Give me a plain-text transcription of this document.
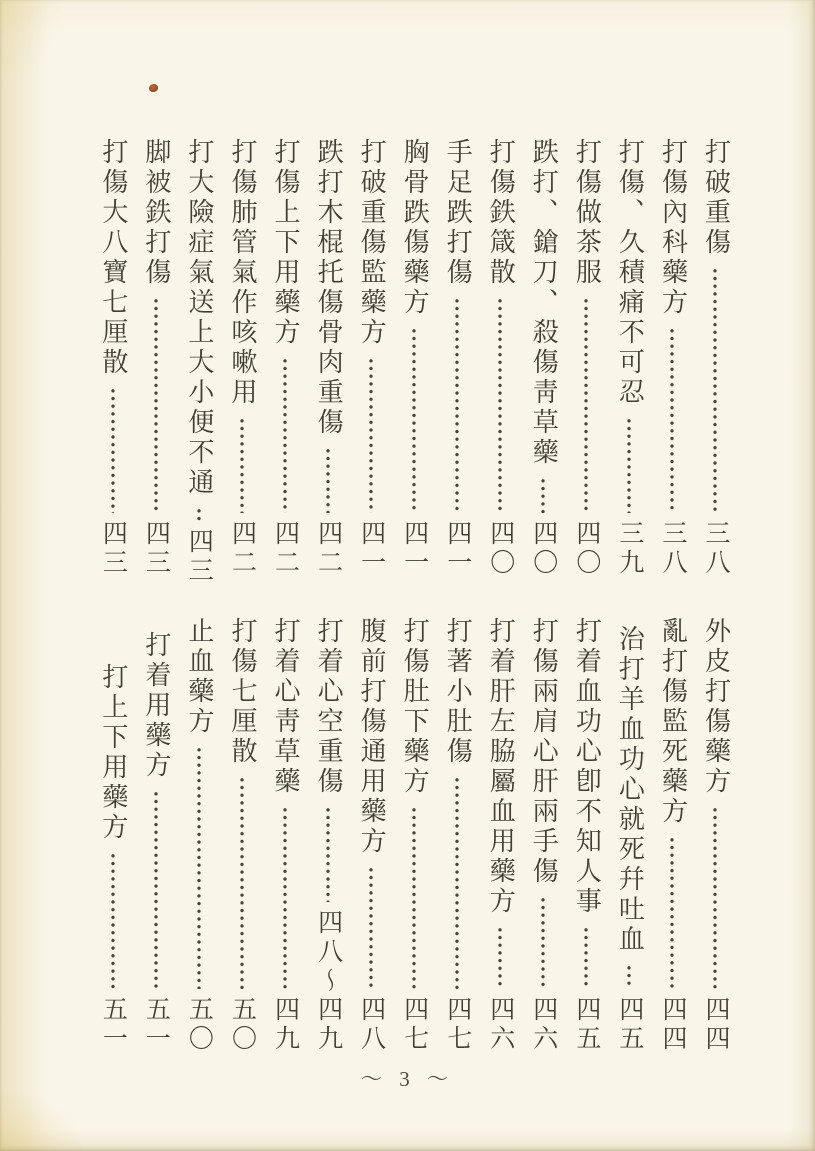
打破重傷
三八
打傷內科藥方
三八
打傷、久積痛不可忍
三九
打傷做茶服
四〇
跌打、鎗刀、殺傷靑草藥
四〇
打傷鉄箴散
四〇
手足跌打傷
四一
胸骨跌傷藥方
四一
打破重傷監藥方
四一
跌打木棍托傷骨肉重傷
四二
打傷上下用藥方
四二
打傷肺管氣作咳嗽用
四二
打大險症氣送上大小便不通
四三
脚被鉄打傷
四三
打傷大八寶七厘散
四三
外皮打傷藥方
四四
亂打傷監死藥方
四四
治打羊血功心就死幷吐血
四五
打着血功心卽不知人事
四五
打傷兩肩心肝兩手傷
四六
打着肝左脇屬血用藥方
四六
打著小肚傷
四七
打傷肚下藥方
四七
腹前打傷通用藥方
四八
打着心空重傷
四八～四九
打着心靑草藥
四九
打傷七厘散
五〇
止血藥方
五〇
打着用藥方
五一
打上下用藥方
五一
～ 3 ～
